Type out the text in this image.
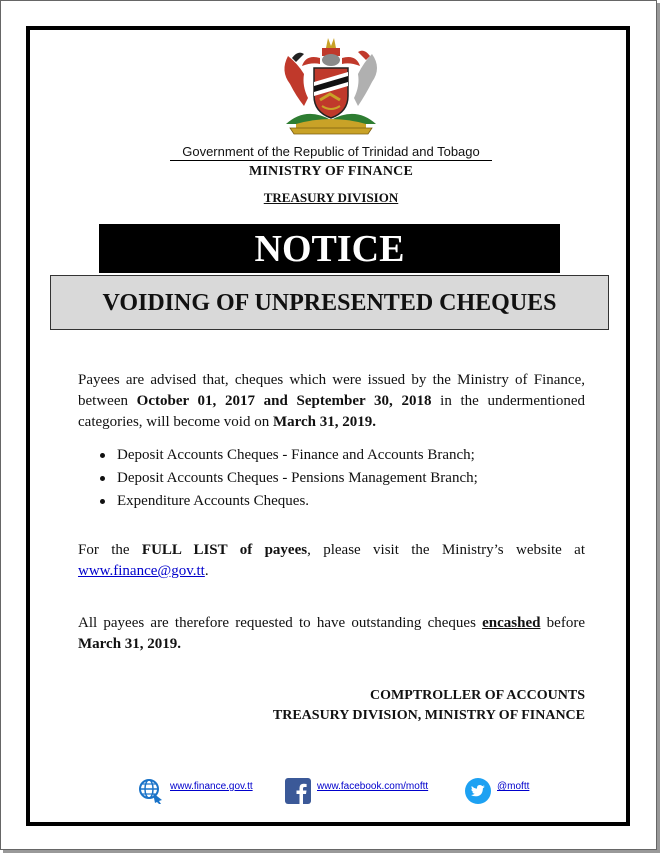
Government of the Republic of Trinidad and Tobago
MINISTRY OF FINANCE
TREASURY DIVISION
NOTICE
VOIDING OF UNPRESENTED CHEQUES
Payees are advised that, cheques which were issued by the Ministry of Finance, between October 01, 2017 and September 30, 2018 in the undermentioned categories, will become void on March 31, 2019.
Deposit Accounts Cheques - Finance and Accounts Branch;
Deposit Accounts Cheques - Pensions Management Branch;
Expenditure Accounts Cheques.
For the FULL LIST of payees, please visit the Ministry’s website at www.finance@gov.tt.
All payees are therefore requested to have outstanding cheques encashed before March 31, 2019.
COMPTROLLER OF ACCOUNTS
TREASURY DIVISION, MINISTRY OF FINANCE
www.finance.gov.tt	www.facebook.com/moftt	@moftt
